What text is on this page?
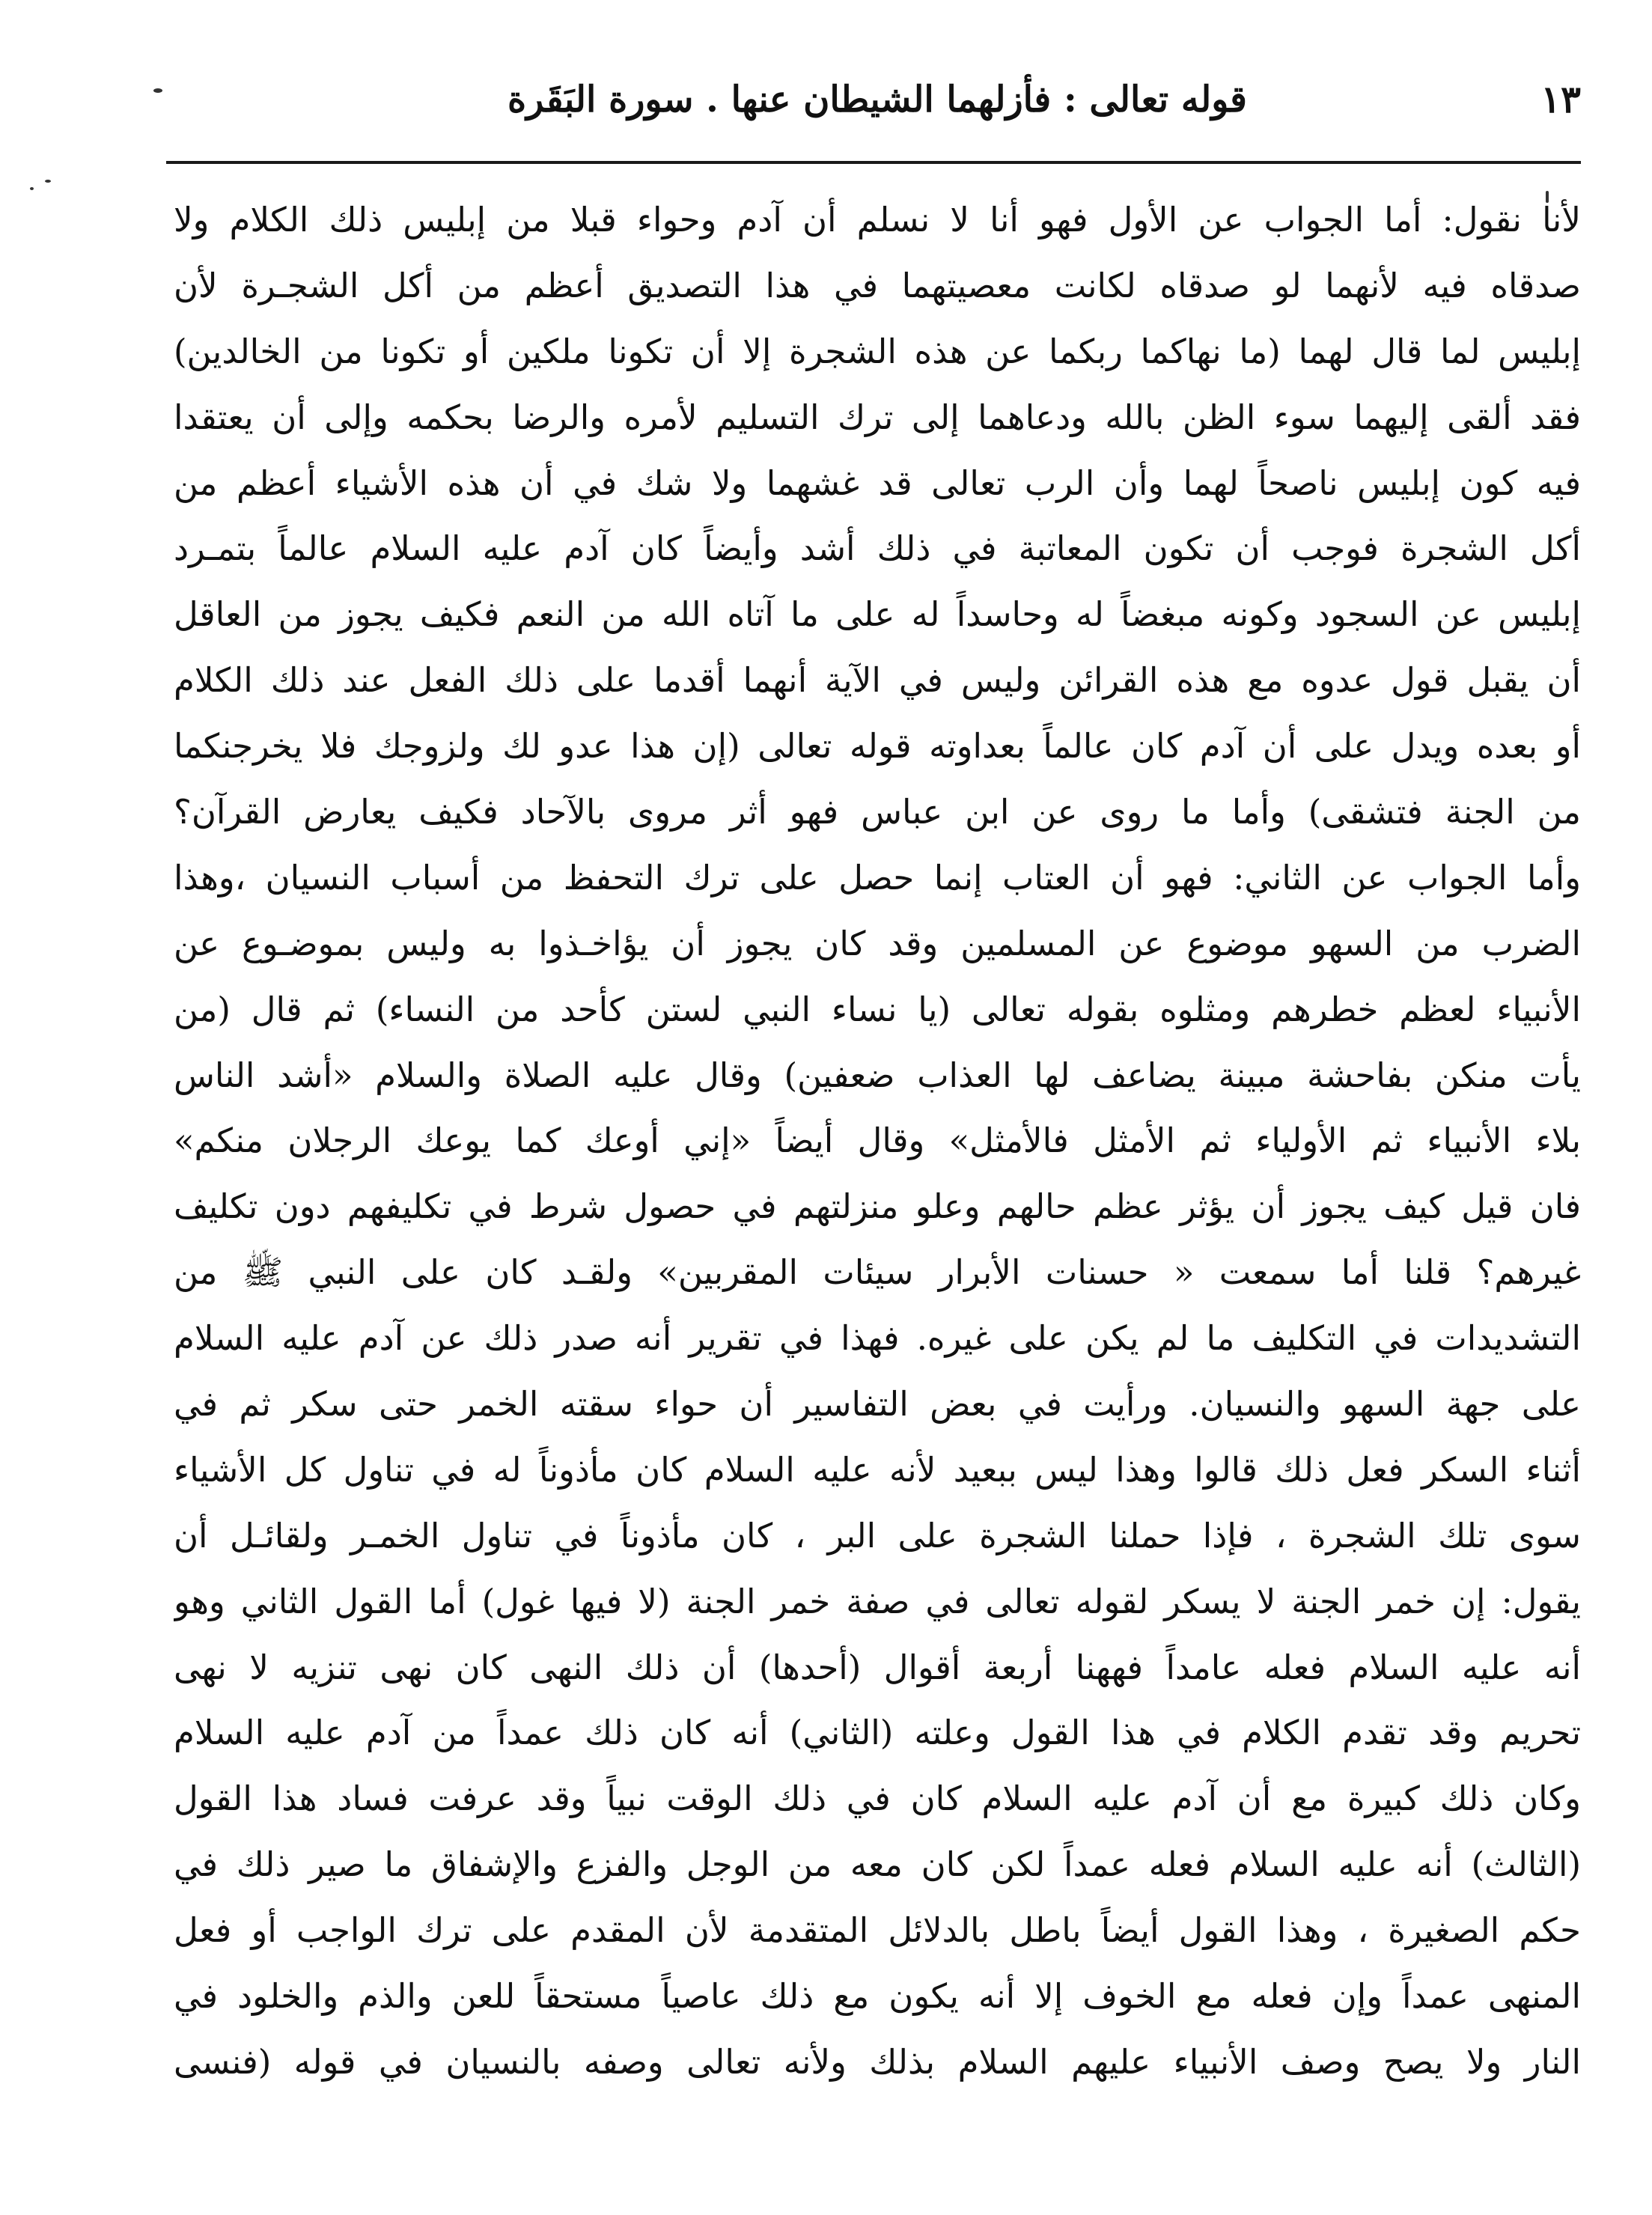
١٣
قوله تعالى : فأزلهما الشيطان عنها . سورة البَقَرة
لأنا نقول: أما الجواب عن الأول فهو أنا لا نسلم أن آدم وحواء قبلا من إبليس ذلك الكلام ولا
صدقاه فيه لأنهما لو صدقاه لكانت معصيتهما في هذا التصديق أعظم من أكل الشجـرة لأن
إبليس لما قال لهما (ما نهاكما ربكما عن هذه الشجرة إلا أن تكونا ملكين أو تكونا من الخالدين)
فقد ألقى إليهما سوء الظن بالله ودعاهما إلى ترك التسليم لأمره والرضا بحكمه وإلى أن يعتقدا
فيه كون إبليس ناصحاً لهما وأن الرب تعالى قد غشهما ولا شك في أن هذه الأشياء أعظم من
أكل الشجرة فوجب أن تكون المعاتبة في ذلك أشد وأيضاً كان آدم عليه السلام عالماً بتمـرد
إبليس عن السجود وكونه مبغضاً له وحاسداً له على ما آتاه الله من النعم فكيف يجوز من العاقل
أن يقبل قول عدوه مع هذه القرائن وليس في الآية أنهما أقدما على ذلك الفعل عند ذلك الكلام
أو بعده ويدل على أن آدم كان عالماً بعداوته قوله تعالى (إن هذا عدو لك ولزوجك فلا يخرجنكما
من الجنة فتشقى) وأما ما روى عن ابن عباس فهو أثر مروى بالآحاد فكيف يعارض القرآن؟
وأما الجواب عن الثاني: فهو أن العتاب إنما حصل على ترك التحفظ من أسباب النسيان ،وهذا
الضرب من السهو موضوع عن المسلمين وقد كان يجوز أن يؤاخـذوا به وليس بموضـوع عن
الأنبياء لعظم خطرهم ومثلوه بقوله تعالى (يا نساء النبي لستن كأحد من النساء) ثم قال (من
يأت منكن بفاحشة مبينة يضاعف لها العذاب ضعفين) وقال عليه الصلاة والسلام «أشد الناس
بلاء الأنبياء ثم الأولياء ثم الأمثل فالأمثل» وقال أيضاً «إني أوعك كما يوعك الرجلان منكم»
فان قيل كيف يجوز أن يؤثر عظم حالهم وعلو منزلتهم في حصول شرط في تكليفهم دون تكليف
غيرهم؟ قلنا أما سمعت « حسنات الأبرار سيئات المقربين» ولقـد كان على النبي ﷺ من
التشديدات في التكليف ما لم يكن على غيره. فهذا في تقرير أنه صدر ذلك عن آدم عليه السلام
على جهة السهو والنسيان. ورأيت في بعض التفاسير أن حواء سقته الخمر حتى سكر ثم في
أثناء السكر فعل ذلك قالوا وهذا ليس ببعيد لأنه عليه السلام كان مأذوناً له في تناول كل الأشياء
سوى تلك الشجرة ، فإذا حملنا الشجرة على البر ، كان مأذوناً في تناول الخمـر ولقائـل أن
يقول: إن خمر الجنة لا يسكر لقوله تعالى في صفة خمر الجنة (لا فيها غول) أما القول الثاني وهو
أنه عليه السلام فعله عامداً فههنا أربعة أقوال (أحدها) أن ذلك النهى كان نهى تنزيه لا نهى
تحريم وقد تقدم الكلام في هذا القول وعلته (الثاني) أنه كان ذلك عمداً من آدم عليه السلام
وكان ذلك كبيرة مع أن آدم عليه السلام كان في ذلك الوقت نبياً وقد عرفت فساد هذا القول
(الثالث) أنه عليه السلام فعله عمداً لكن كان معه من الوجل والفزع والإشفاق ما صير ذلك في
حكم الصغيرة ، وهذا القول أيضاً باطل بالدلائل المتقدمة لأن المقدم على ترك الواجب أو فعل
المنهى عمداً وإن فعله مع الخوف إلا أنه يكون مع ذلك عاصياً مستحقاً للعن والذم والخلود في
النار ولا يصح وصف الأنبياء عليهم السلام بذلك ولأنه تعالى وصفه بالنسيان في قوله (فنسى
